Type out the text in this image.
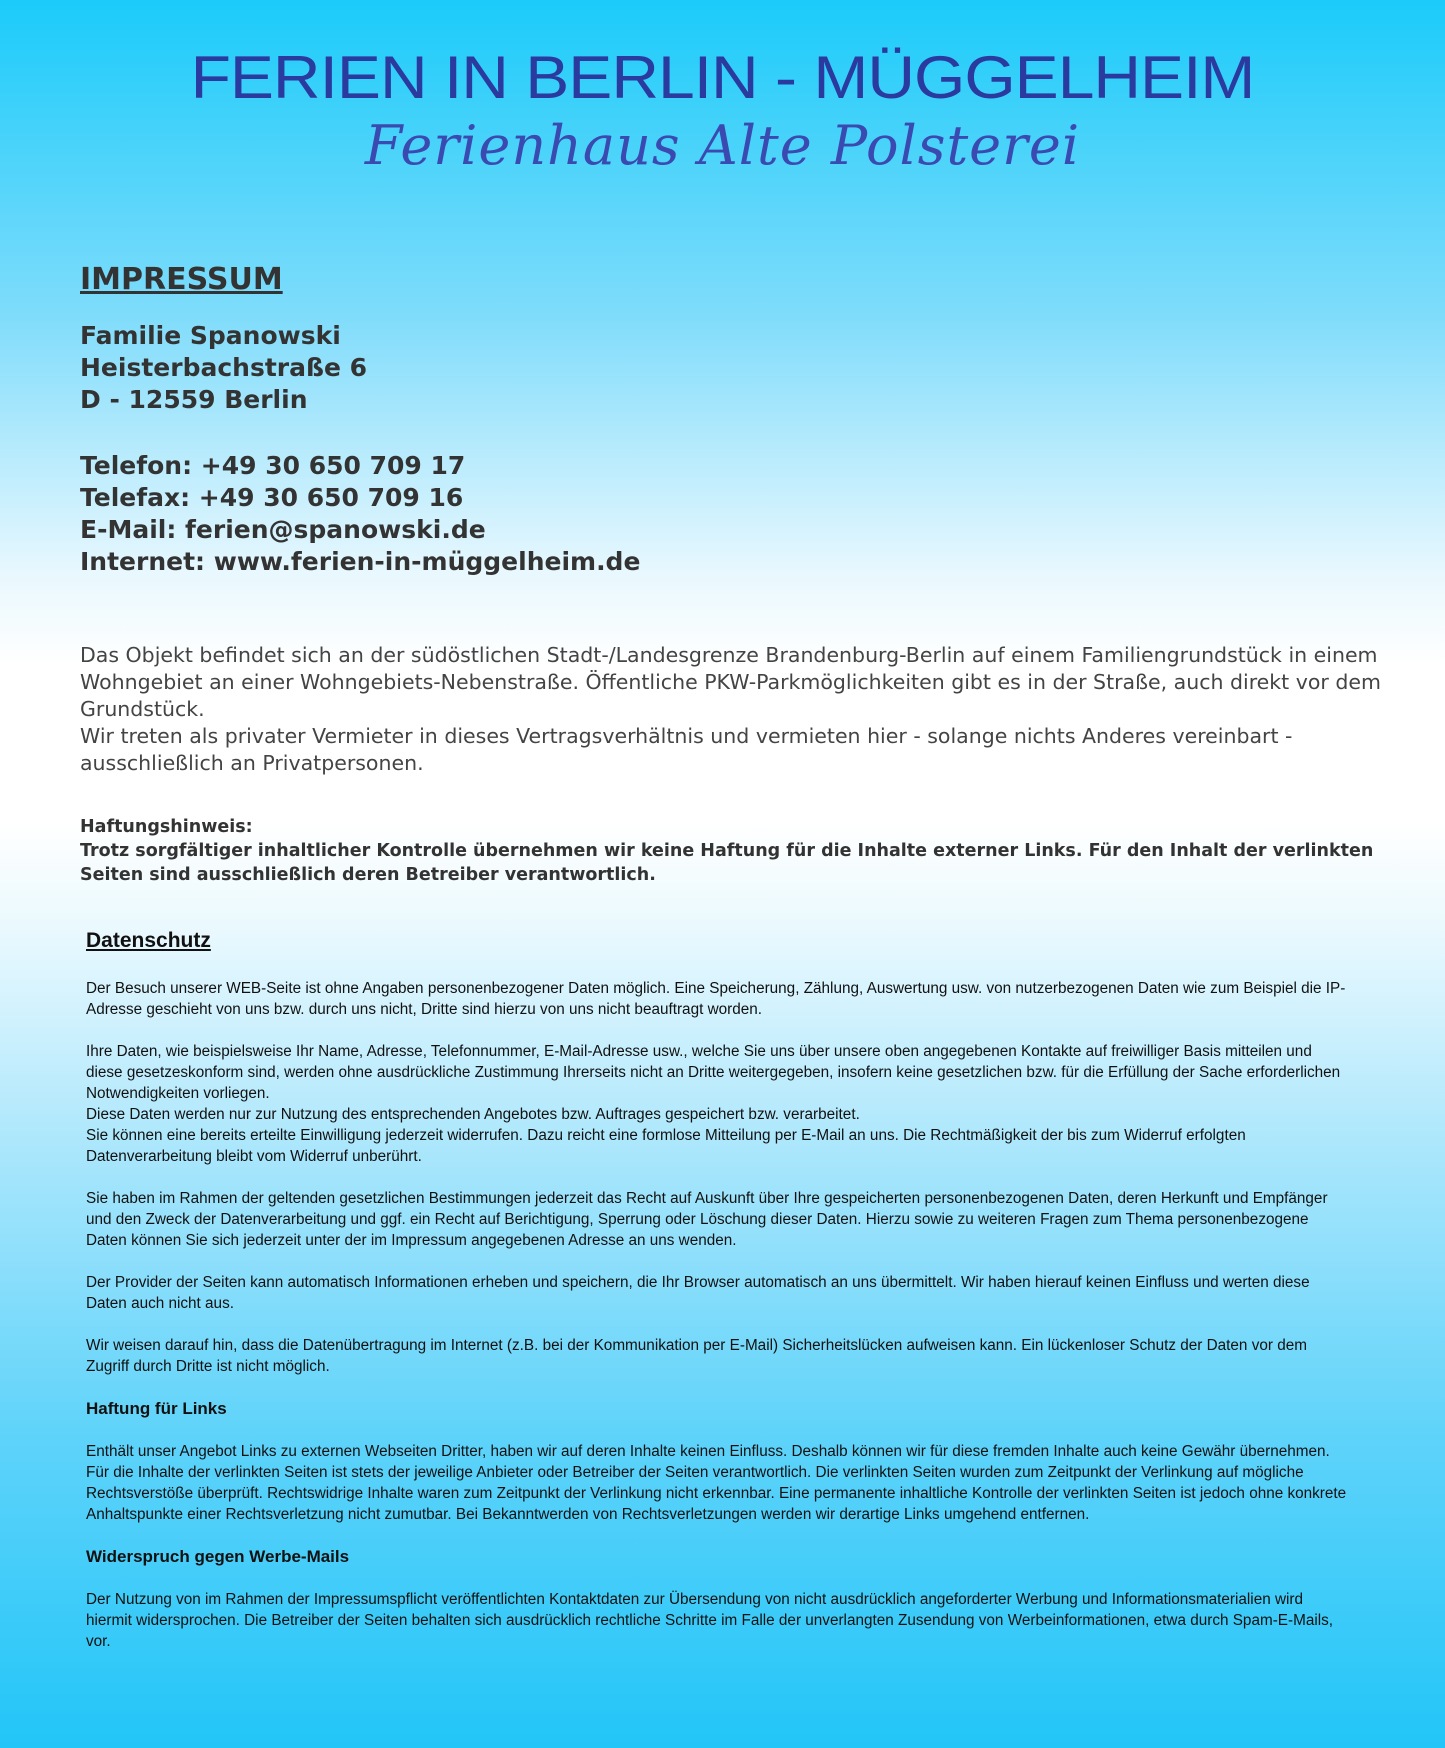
FERIEN IN BERLIN - MÜGGELHEIM
Ferienhaus Alte Polsterei
IMPRESSUM
Familie Spanowski
Heisterbachstraße 6
D - 12559 Berlin
Telefon: +49 30 650 709 17
Telefax: +49 30 650 709 16
E-Mail: ferien@spanowski.de
Internet: www.ferien-in-müggelheim.de

Das Objekt befindet sich an der südöstlichen Stadt-/Landesgrenze Brandenburg-Berlin auf einem Familiengrundstück in einem Wohngebiet an einer Wohngebiets-Nebenstraße. Öffentliche PKW-Parkmöglichkeiten gibt es in der Straße, auch direkt vor dem Grundstück.

Wir treten als privater Vermieter in dieses Vertragsverhältnis und vermieten hier - solange nichts Anderes vereinbart - ausschließlich an Privatpersonen.

Haftungshinweis:

Trotz sorgfältiger inhaltlicher Kontrolle übernehmen wir keine Haftung für die Inhalte externer Links. Für den Inhalt der verlinkten Seiten sind ausschließlich deren Betreiber verantwortlich.

Datenschutz

Der Besuch unserer WEB-Seite ist ohne Angaben personenbezogener Daten möglich. Eine Speicherung, Zählung, Auswertung usw. von nutzerbezogenen Daten wie zum Beispiel die IP-Adresse geschieht von uns bzw. durch uns nicht, Dritte sind hierzu von uns nicht beauftragt worden.

Ihre Daten, wie beispielsweise Ihr Name, Adresse, Telefonnummer, E-Mail-Adresse usw., welche Sie uns über unsere oben angegebenen Kontakte auf freiwilliger Basis mitteilen und diese gesetzeskonform sind, werden ohne ausdrückliche Zustimmung Ihrerseits nicht an Dritte weitergegeben, insofern keine gesetzlichen bzw. für die Erfüllung der Sache erforderlichen Notwendigkeiten vorliegen.

Diese Daten werden nur zur Nutzung des entsprechenden Angebotes bzw. Auftrages gespeichert bzw. verarbeitet.

Sie können eine bereits erteilte Einwilligung jederzeit widerrufen. Dazu reicht eine formlose Mitteilung per E-Mail an uns. Die Rechtmäßigkeit der bis zum Widerruf erfolgten Datenverarbeitung bleibt vom Widerruf unberührt.

Sie haben im Rahmen der geltenden gesetzlichen Bestimmungen jederzeit das Recht auf Auskunft über Ihre gespeicherten personenbezogenen Daten, deren Herkunft und Empfänger und den Zweck der Datenverarbeitung und ggf. ein Recht auf Berichtigung, Sperrung oder Löschung dieser Daten. Hierzu sowie zu weiteren Fragen zum Thema personenbezogene Daten können Sie sich jederzeit unter der im Impressum angegebenen Adresse an uns wenden.

Der Provider der Seiten kann automatisch Informationen erheben und speichern, die Ihr Browser automatisch an uns übermittelt. Wir haben hierauf keinen Einfluss und werten diese Daten auch nicht aus.

Wir weisen darauf hin, dass die Datenübertragung im Internet (z.B. bei der Kommunikation per E-Mail) Sicherheitslücken aufweisen kann. Ein lückenloser Schutz der Daten vor dem Zugriff durch Dritte ist nicht möglich.

Haftung für Links

Enthält unser Angebot Links zu externen Webseiten Dritter, haben wir auf deren Inhalte keinen Einfluss. Deshalb können wir für diese fremden Inhalte auch keine Gewähr übernehmen. Für die Inhalte der verlinkten Seiten ist stets der jeweilige Anbieter oder Betreiber der Seiten verantwortlich. Die verlinkten Seiten wurden zum Zeitpunkt der Verlinkung auf mögliche Rechtsverstöße überprüft. Rechtswidrige Inhalte waren zum Zeitpunkt der Verlinkung nicht erkennbar. Eine permanente inhaltliche Kontrolle der verlinkten Seiten ist jedoch ohne konkrete Anhaltspunkte einer Rechtsverletzung nicht zumutbar. Bei Bekanntwerden von Rechtsverletzungen werden wir derartige Links umgehend entfernen.

Widerspruch gegen Werbe-Mails

Der Nutzung von im Rahmen der Impressumspflicht veröffentlichten Kontaktdaten zur Übersendung von nicht ausdrücklich angeforderter Werbung und Informationsmaterialien wird hiermit widersprochen. Die Betreiber der Seiten behalten sich ausdrücklich rechtliche Schritte im Falle der unverlangten Zusendung von Werbeinformationen, etwa durch Spam-E-Mails, vor.
